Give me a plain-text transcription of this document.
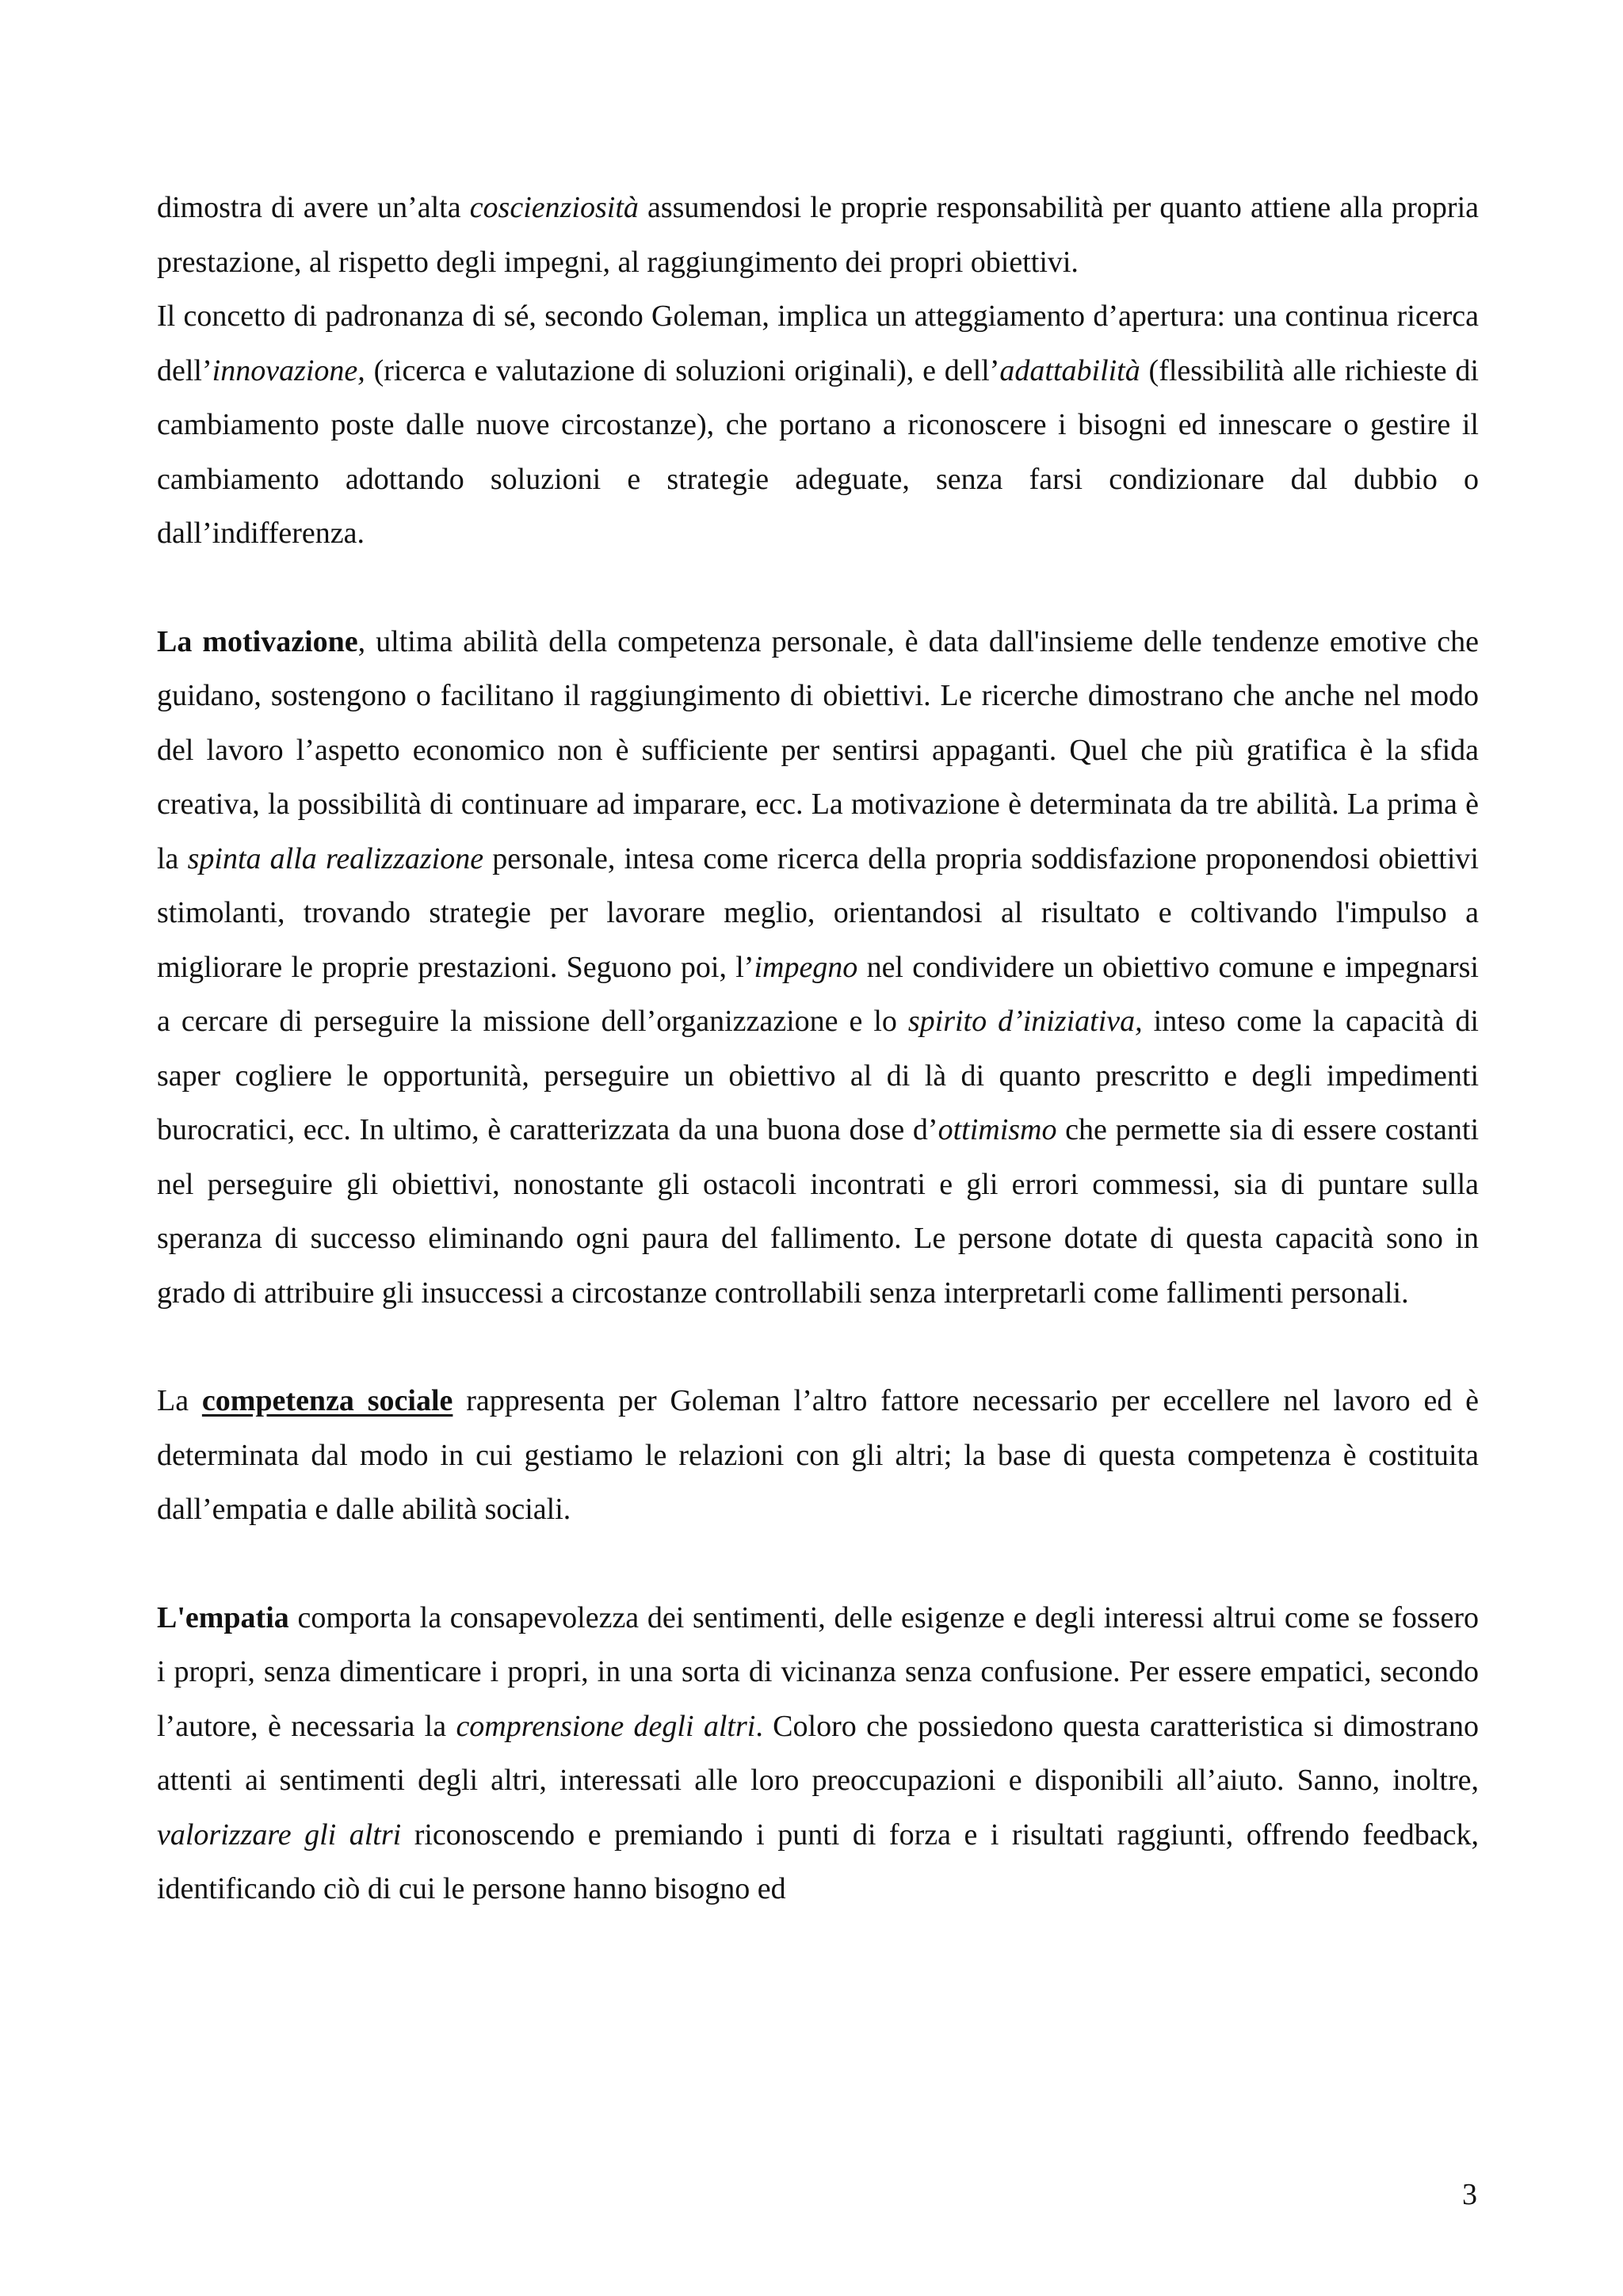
dimostra di avere un’alta coscienziosità assumendosi le proprie responsabilità per quanto attiene alla propria prestazione, al rispetto degli impegni, al raggiungimento dei propri obiettivi.

Il concetto di padronanza di sé, secondo Goleman, implica un atteggiamento d’apertura: una continua ricerca dell’innovazione, (ricerca e valutazione di soluzioni originali), e dell’adattabilità (flessibilità alle richieste di cambiamento poste dalle nuove circostanze), che portano a riconoscere i bisogni ed innescare o gestire il cambiamento adottando soluzioni e strategie adeguate, senza farsi condizionare dal dubbio o dall’indifferenza.

La motivazione, ultima abilità della competenza personale, è data dall'insieme delle tendenze emotive che guidano, sostengono o facilitano il raggiungimento di obiettivi. Le ricerche dimostrano che anche nel modo del lavoro l’aspetto economico non è sufficiente per sentirsi appaganti. Quel che più gratifica è la sfida creativa, la possibilità di continuare ad imparare, ecc. La motivazione è determinata da tre abilità. La prima è la spinta alla realizzazione personale, intesa come ricerca della propria soddisfazione proponendosi obiettivi stimolanti, trovando strategie per lavorare meglio, orientandosi al risultato e coltivando l'impulso a migliorare le proprie prestazioni. Seguono poi, l’impegno nel condividere un obiettivo comune e impegnarsi a cercare di perseguire la missione dell’organizzazione e lo spirito d’iniziativa, inteso come la capacità di saper cogliere le opportunità, perseguire un obiettivo al di là di quanto prescritto e degli impedimenti burocratici, ecc. In ultimo, è caratterizzata da una buona dose d’ottimismo che permette sia di essere costanti nel perseguire gli obiettivi, nonostante gli ostacoli incontrati e gli errori commessi, sia di puntare sulla speranza di successo eliminando ogni paura del fallimento. Le persone dotate di questa capacità sono in grado di attribuire gli insuccessi a circostanze controllabili senza interpretarli come fallimenti personali.

La competenza sociale rappresenta per Goleman l’altro fattore necessario per eccellere nel lavoro ed è determinata dal modo in cui gestiamo le relazioni con gli altri; la base di questa competenza è costituita dall’empatia e dalle abilità sociali.

L'empatia comporta la consapevolezza dei sentimenti, delle esigenze e degli interessi altrui come se fossero i propri, senza dimenticare i propri, in una sorta di vicinanza senza confusione. Per essere empatici, secondo l’autore, è necessaria la comprensione degli altri. Coloro che possiedono questa caratteristica si dimostrano attenti ai sentimenti degli altri, interessati alle loro preoccupazioni e disponibili all’aiuto. Sanno, inoltre, valorizzare gli altri riconoscendo e premiando i punti di forza e i risultati raggiunti, offrendo feedback, identificando ciò di cui le persone hanno bisogno ed

3
